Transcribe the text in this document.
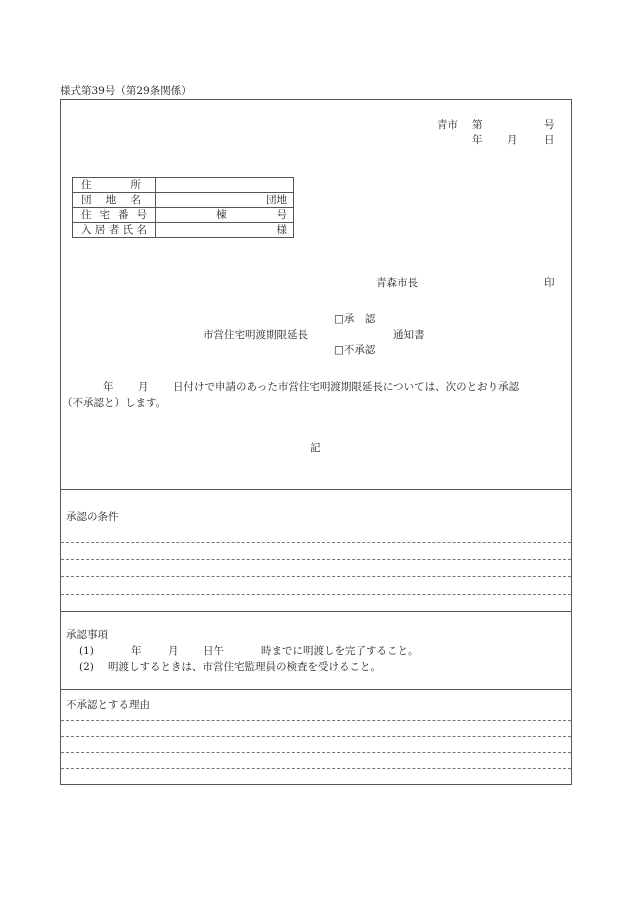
様式第39号（第29条関係）
青市 第	号
年 月	日
住 所	

団 地 名	団地

住 宅 番 号	棟 号

入 居 者 氏 名	様
青森市長	印
□承　認
市営住宅明渡期限延長	通知書
□不承認
年 月 日付けで申請のあった市営住宅明渡期限延長については、次のとおり承認
（不承認と）します。
記
承認の条件
承認事項
(1)	年	月 日午	時までに明渡しを完了すること。
(2) 明渡しするときは、市営住宅監理員の検査を受けること。
不承認とする理由
